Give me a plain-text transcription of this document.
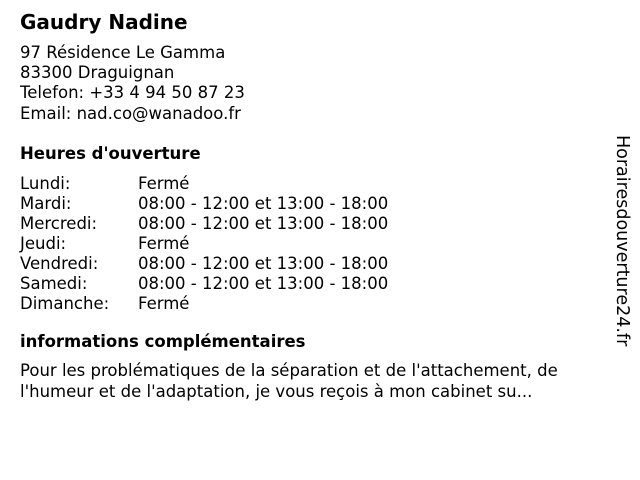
Gaudry Nadine
97 Résidence Le Gamma
83300 Draguignan
Telefon: +33 4 94 50 87 23
Email: nad.co@wanadoo.fr
Heures d'ouverture
Lundi:	Fermé
Mardi:	08:00 - 12:00 et 13:00 - 18:00
Mercredi:	08:00 - 12:00 et 13:00 - 18:00
Jeudi:	Fermé
Vendredi:	08:00 - 12:00 et 13:00 - 18:00
Samedi:	08:00 - 12:00 et 13:00 - 18:00
Dimanche:	Fermé
informations complémentaires
Pour les problématiques de la séparation et de l'attachement, de l'humeur et de l'adaptation, je vous reçois à mon cabinet su...
Horairesdouverture24.fr
